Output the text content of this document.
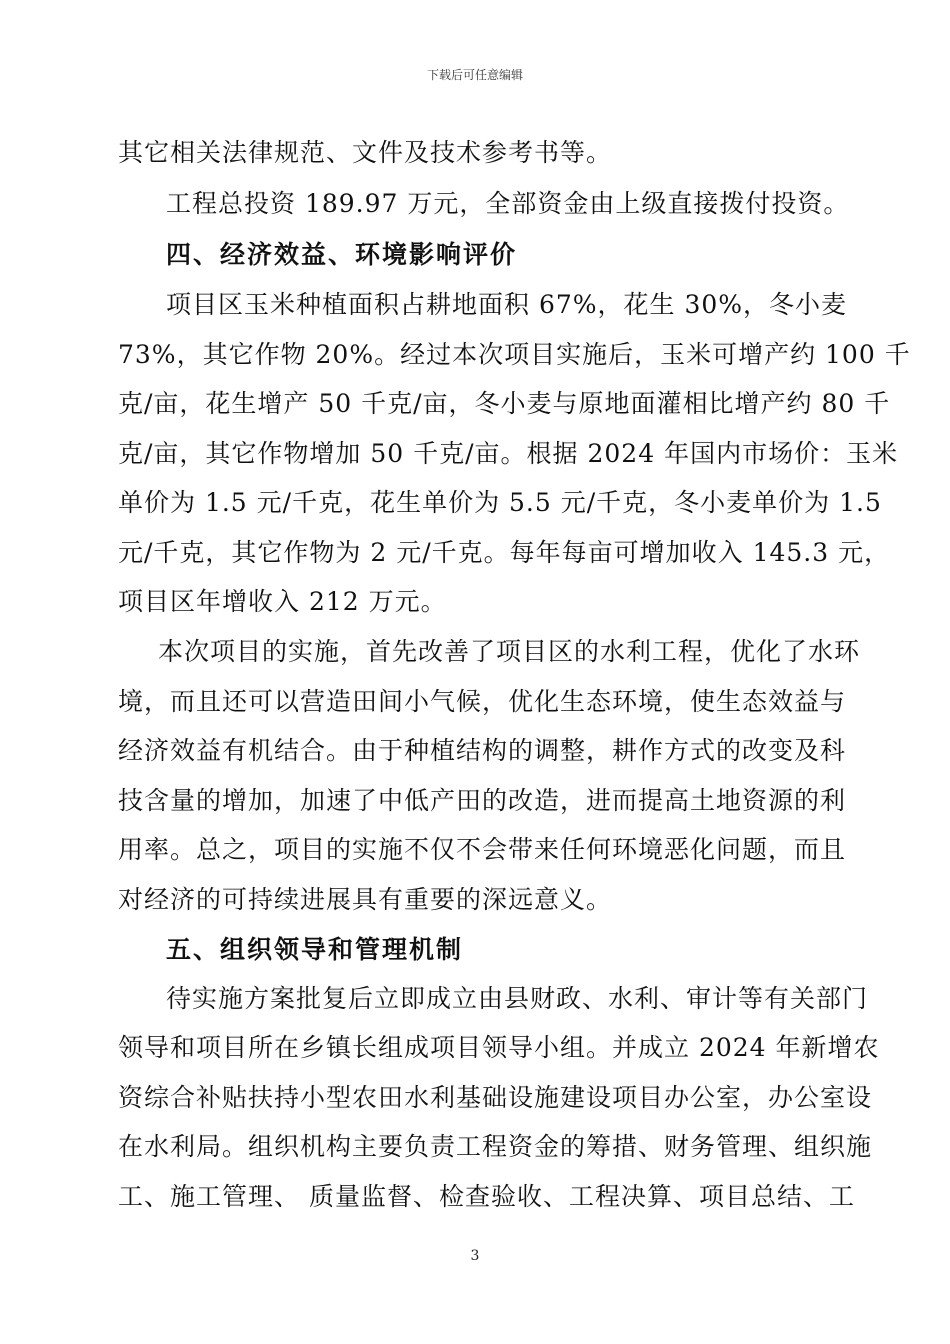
下载后可任意编辑
其它相关法律规范、文件及技术参考书等。
工程总投资 189.97 万元，全部资金由上级直接拨付投资。
四、经济效益、环境影响评价
项目区玉米种植面积占耕地面积 67%，花生 30%，冬小麦
73%，其它作物 20%。经过本次项目实施后，玉米可增产约 100 千
克/亩，花生增产 50 千克/亩，冬小麦与原地面灌相比增产约 80 千
克/亩，其它作物增加 50 千克/亩。根据 2024 年国内市场价：玉米
单价为 1.5 元/千克，花生单价为 5.5 元/千克，冬小麦单价为 1.5
元/千克，其它作物为 2 元/千克。每年每亩可增加收入 145.3 元，
项目区年增收入 212 万元。
本次项目的实施，首先改善了项目区的水利工程，优化了水环
境，而且还可以营造田间小气候，优化生态环境，使生态效益与
经济效益有机结合。由于种植结构的调整，耕作方式的改变及科
技含量的增加，加速了中低产田的改造，进而提高土地资源的利
用率。总之，项目的实施不仅不会带来任何环境恶化问题，而且
对经济的可持续进展具有重要的深远意义。
五、组织领导和管理机制
待实施方案批复后立即成立由县财政、水利、审计等有关部门
领导和项目所在乡镇长组成项目领导小组。并成立 2024 年新增农
资综合补贴扶持小型农田水利基础设施建设项目办公室，办公室设
在水利局。组织机构主要负责工程资金的筹措、财务管理、组织施
工、施工管理、 质量监督、检查验收、工程决算、项目总结、工
3
